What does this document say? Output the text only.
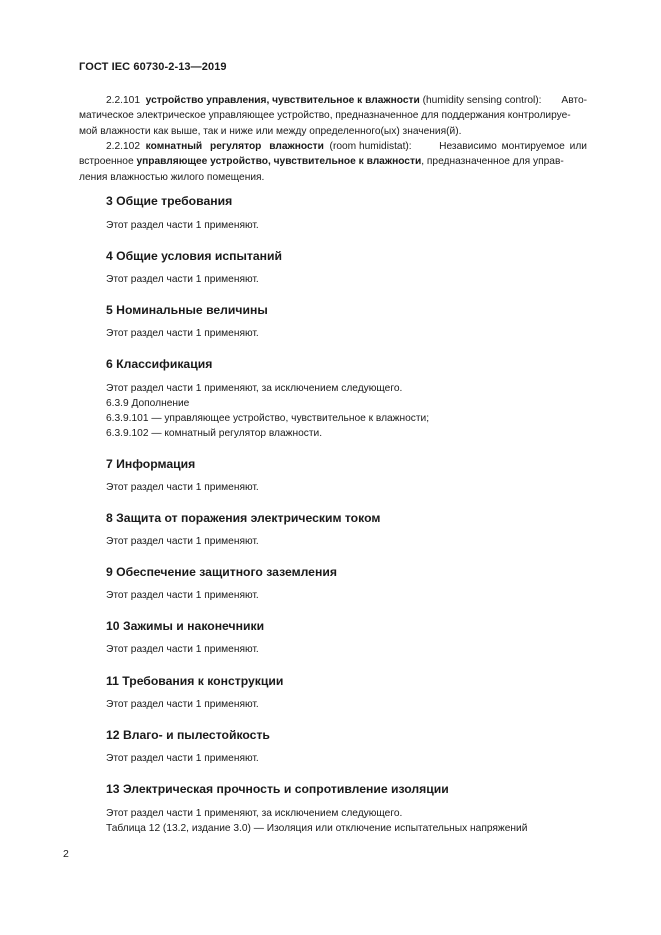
ГОСТ IEC 60730-2-13—2019
2.2.101 устройство управления, чувствительное к влажности (humidity sensing control): Авто-
матическое электрическое управляющее устройство, предназначенное для поддержания контролируе-
мой влажности как выше, так и ниже или между определенного(ых) значения(й).
2.2.102 комнатный регулятор влажности (room humidistat):	Независимо монтируемое или
встроенное управляющее устройство, чувствительное к влажности, предназначенное для управ-
ления влажностью жилого помещения.
3 Общие требования
Этот раздел части 1 применяют.
4 Общие условия испытаний
Этот раздел части 1 применяют.
5 Номинальные величины
Этот раздел части 1 применяют.
6 Классификация
Этот раздел части 1 применяют, за исключением следующего.
6.3.9 Дополнение
6.3.9.101 — управляющее устройство, чувствительное к влажности;
6.3.9.102 — комнатный регулятор влажности.
7 Информация
Этот раздел части 1 применяют.
8 Защита от поражения электрическим током
Этот раздел части 1 применяют.
9 Обеспечение защитного заземления
Этот раздел части 1 применяют.
10 Зажимы и наконечники
Этот раздел части 1 применяют.
11 Требования к конструкции
Этот раздел части 1 применяют.
12 Влаго- и пылестойкость
Этот раздел части 1 применяют.
13 Электрическая прочность и сопротивление изоляции
Этот раздел части 1 применяют, за исключением следующего.
Таблица 12 (13.2, издание 3.0) — Изоляция или отключение испытательных напряжений
2
